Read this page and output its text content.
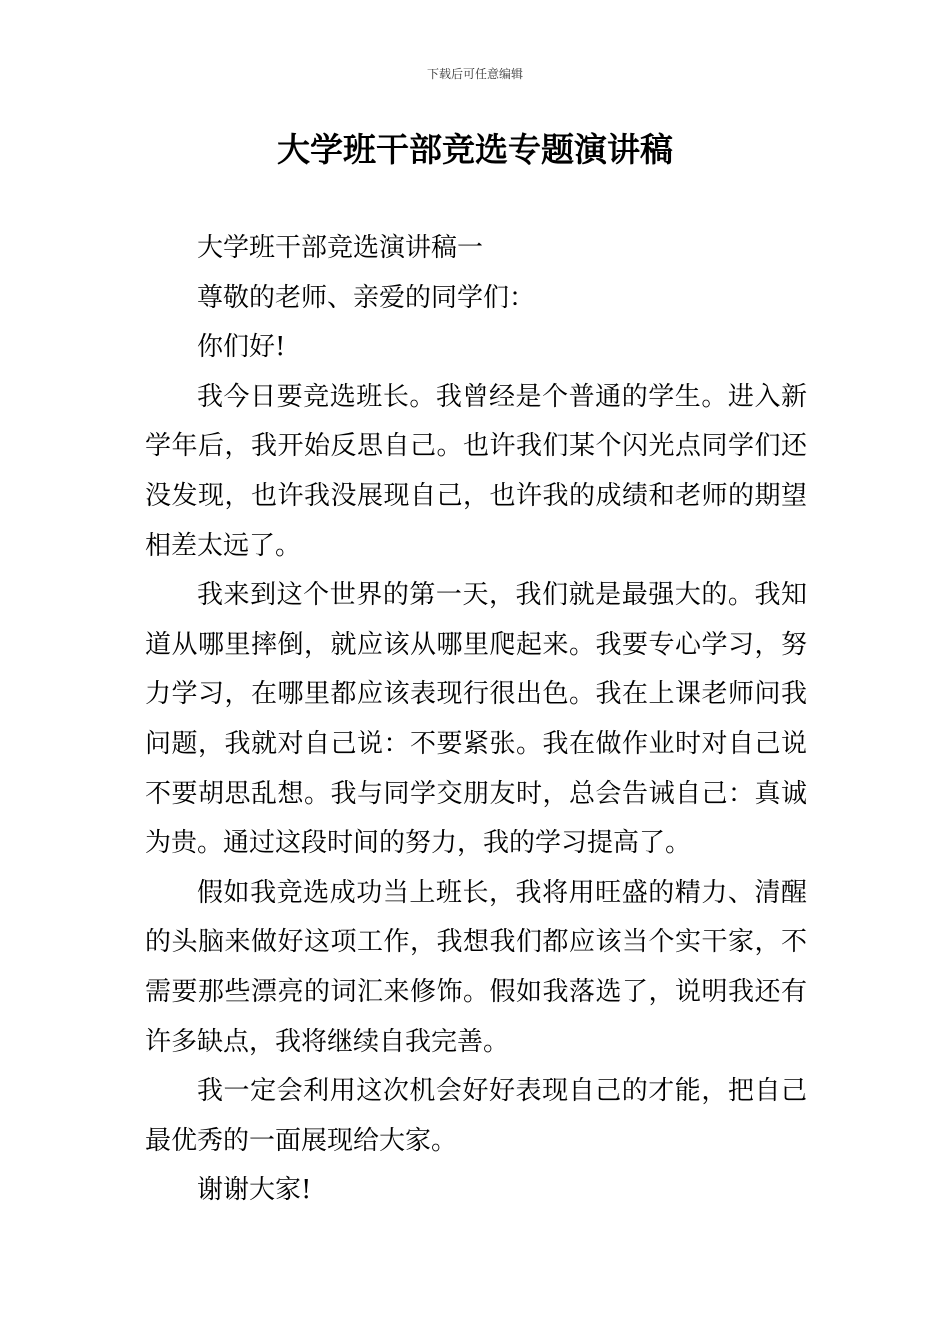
下载后可任意编辑
大学班干部竞选专题演讲稿

大学班干部竞选演讲稿一

尊敬的老师、亲爱的同学们：

你们好!

我今日要竞选班长。我曾经是个普通的学生。进入新学年后，我开始反思自己。也许我们某个闪光点同学们还没发现，也许我没展现自己，也许我的成绩和老师的期望相差太远了。

我来到这个世界的第一天，我们就是最强大的。我知道从哪里摔倒，就应该从哪里爬起来。我要专心学习，努力学习，在哪里都应该表现行很出色。我在上课老师问我问题，我就对自己说：不要紧张。我在做作业时对自己说不要胡思乱想。我与同学交朋友时，总会告诫自己：真诚为贵。通过这段时间的努力，我的学习提高了。

假如我竞选成功当上班长，我将用旺盛的精力、清醒的头脑来做好这项工作，我想我们都应该当个实干家，不需要那些漂亮的词汇来修饰。假如我落选了，说明我还有许多缺点，我将继续自我完善。

我一定会利用这次机会好好表现自己的才能，把自己最优秀的一面展现给大家。

谢谢大家!
